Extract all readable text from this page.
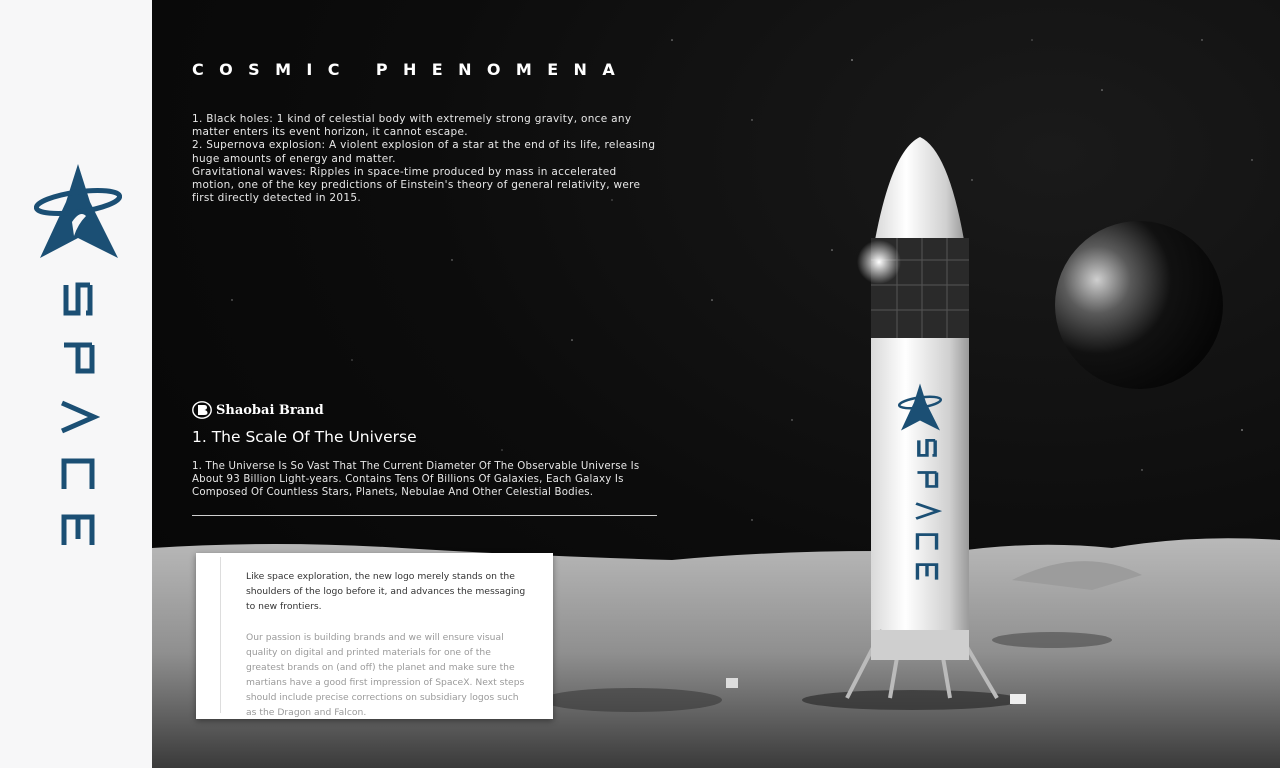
COSMIC PHENOMENA
1. Black holes: 1 kind of celestial body with extremely strong gravity, once any matter enters its event horizon, it cannot escape.
2. Supernova explosion: A violent explosion of a star at the end of its life, releasing huge amounts of energy and matter.
Gravitational waves: Ripples in space-time produced by mass in accelerated motion, one of the key predictions of Einstein's theory of general relativity, were first directly detected in 2015.
Shaobai Brand
1. The Scale Of The Universe
1. The Universe Is So Vast That The Current Diameter Of The Observable Universe Is About 93 Billion Light-years. Contains Tens Of Billions Of Galaxies, Each Galaxy Is Composed Of Countless Stars, Planets, Nebulae And Other Celestial Bodies.
Like space exploration, the new logo merely stands on the shoulders of the logo before it, and advances the messaging to new frontiers.
Our passion is building brands and we will ensure visual quality on digital and printed materials for one of the greatest brands on (and off) the planet and make sure the martians have a good first impression of SpaceX. Next steps should include precise corrections on subsidiary logos such as the Dragon and Falcon.
